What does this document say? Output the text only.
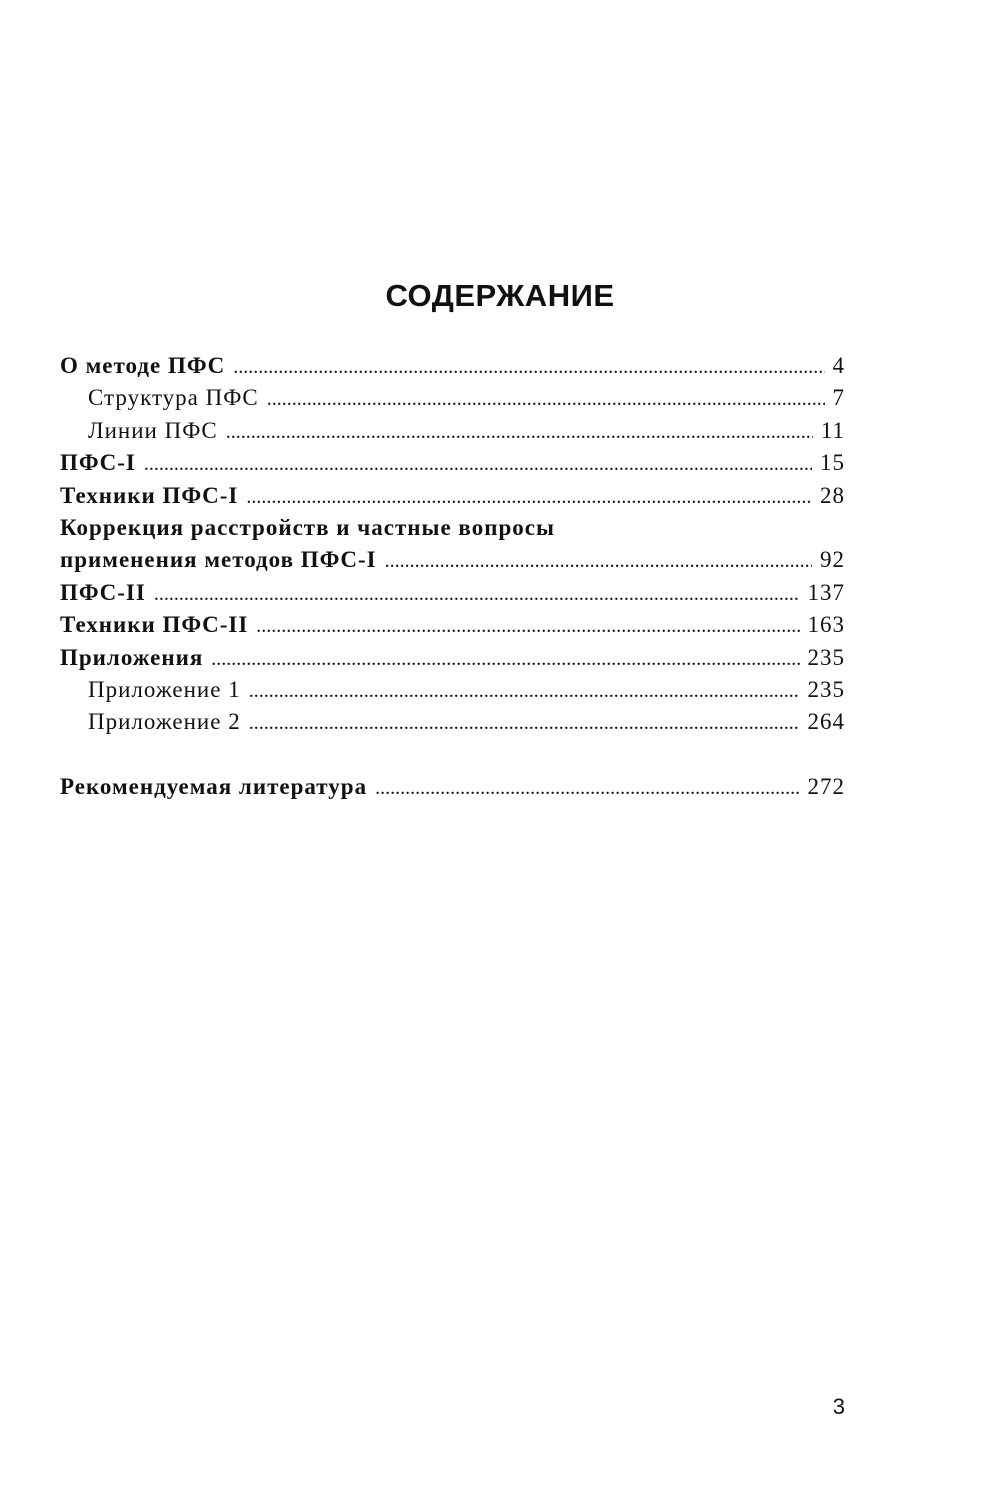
СОДЕРЖАНИЕ
О методе ПФС .....	4
Структура ПФС .....	7
Линии ПФС .....	11
ПФС-I .....	15
Техники ПФС-I .....	28
Коррекция расстройств и частные вопросы
применения методов ПФС-I .....	92
ПФС-II .....	137
Техники ПФС-II .....	163
Приложения .....	235
Приложение 1 .....	235
Приложение 2 .....	264
Рекомендуемая литература .....	272
3
